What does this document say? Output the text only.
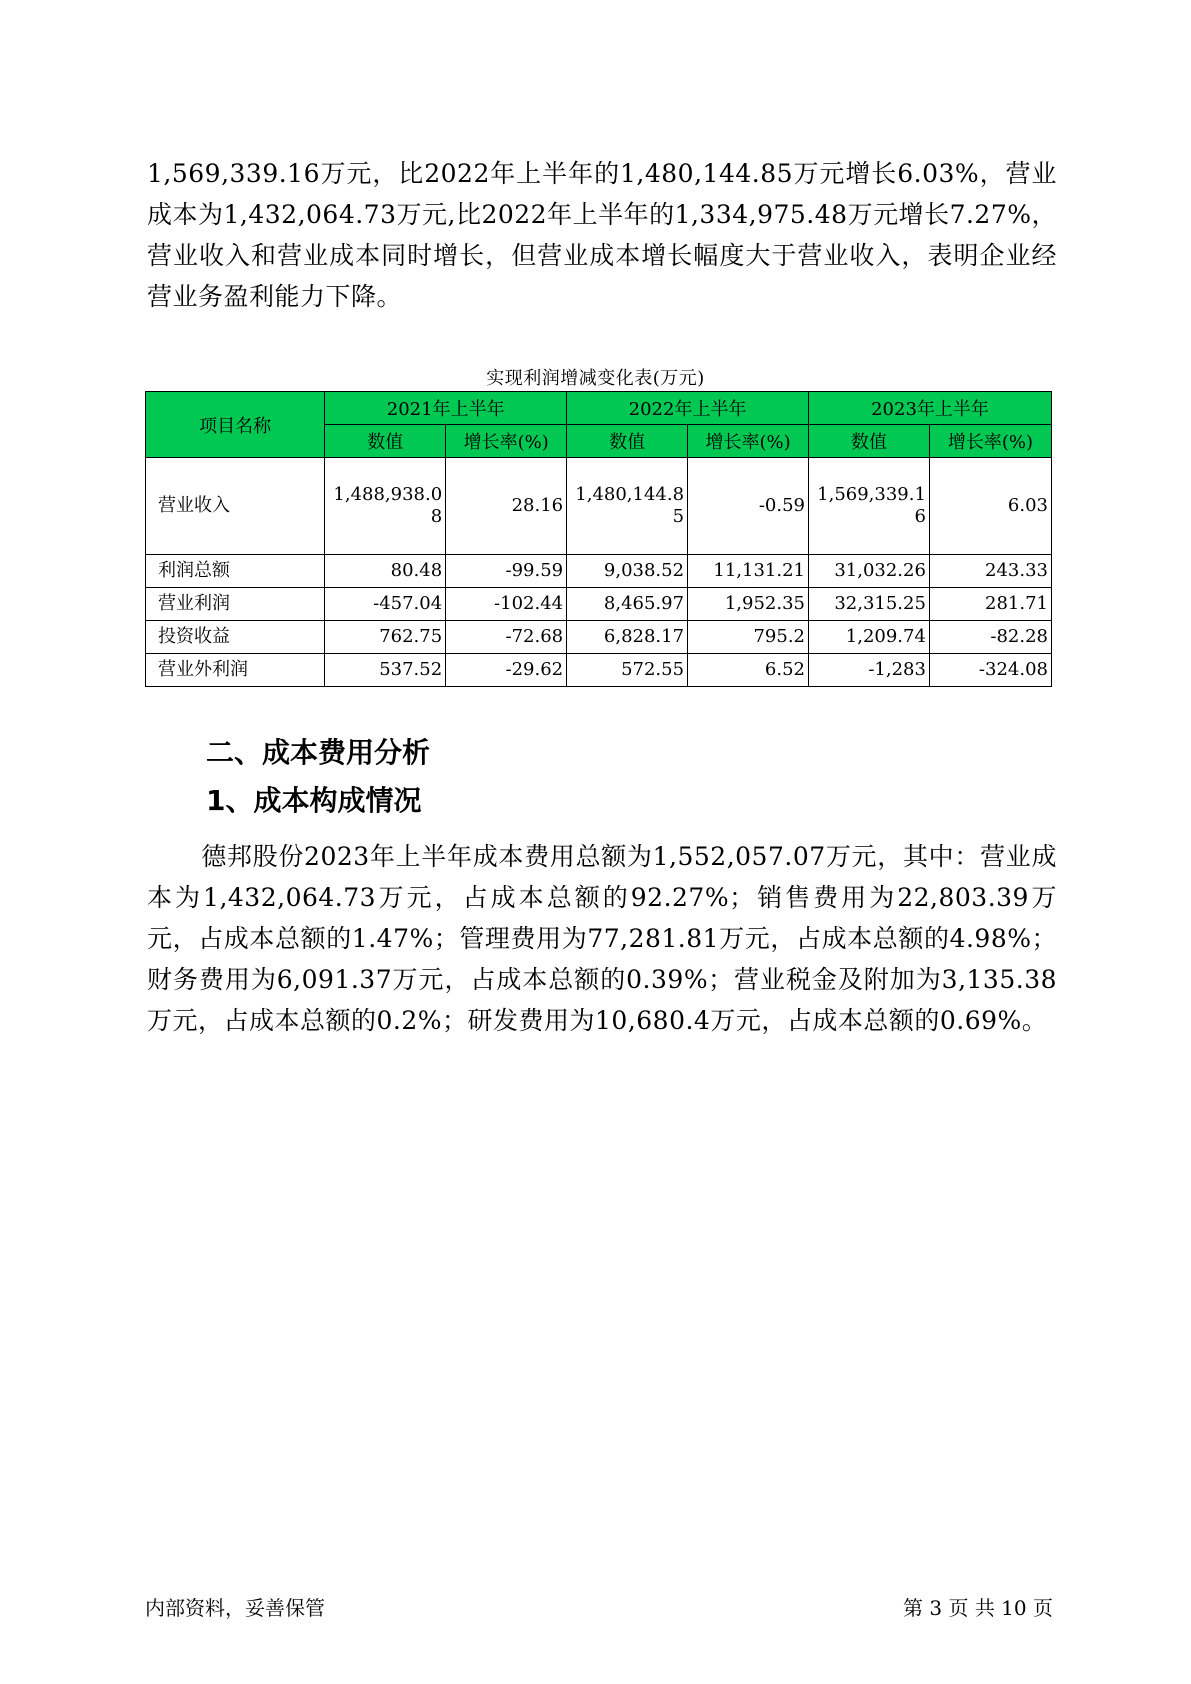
1,569,339.16万元，比2022年上半年的1,480,144.85万元增长6.03%，营业成本为1,432,064.73万元,比2022年上半年的1,334,975.48万元增长7.27%，营业收入和营业成本同时增长，但营业成本增长幅度大于营业收入，表明企业经营业务盈利能力下降。

实现利润增减变化表(万元)
项目名称	2021年上半年		2022年上半年		2023年上半年	
	数值	增长率(%)	数值	增长率(%)	数值	增长率(%)
营业收入	1,488,938.08	28.16	1,480,144.85	-0.59	1,569,339.16	6.03
利润总额	80.48	-99.59	9,038.52	11,131.21	31,032.26	243.33
营业利润	-457.04	-102.44	8,465.97	1,952.35	32,315.25	281.71
投资收益	762.75	-72.68	6,828.17	795.2	1,209.74	-82.28
营业外利润	537.52	-29.62	572.55	6.52	-1,283	-324.08
二、成本费用分析
1、成本构成情况

德邦股份2023年上半年成本费用总额为1,552,057.07万元，其中：营业成本为1,432,064.73万元，占成本总额的92.27%；销售费用为22,803.39万元，占成本总额的1.47%；管理费用为77,281.81万元，占成本总额的4.98%；财务费用为6,091.37万元，占成本总额的0.39%；营业税金及附加为3,135.38万元，占成本总额的0.2%；研发费用为10,680.4万元，占成本总额的0.69%。

内部资料，妥善保管	第 3 页 共 10 页
